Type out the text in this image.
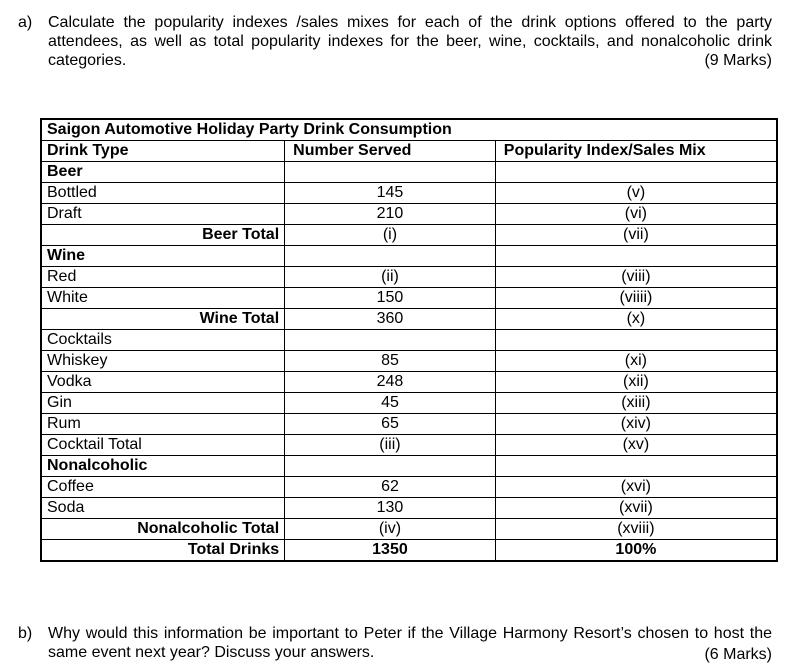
a) Calculate the popularity indexes /sales mixes for each of the drink options offered to the party attendees, as well as total popularity indexes for the beer, wine, cocktails, and nonalcoholic drink categories.	(9 Marks)
Saigon Automotive Holiday Party Drink Consumption		
Drink Type	Number Served	Popularity Index/Sales Mix
Beer		
Bottled	145	(v)
Draft	210	(vi)
Beer Total	(i)	(vii)
Wine		
Red	(ii)	(viii)
White	150	(viiii)
Wine Total	360	(x)
Cocktails		
Whiskey	85	(xi)
Vodka	248	(xii)
Gin	45	(xiii)
Rum	65	(xiv)
Cocktail Total	(iii)	(xv)
Nonalcoholic		
Coffee	62	(xvi)
Soda	130	(xvii)
Nonalcoholic Total	(iv)	(xviii)
Total Drinks	1350	100%
b) Why would this information be important to Peter if the Village Harmony Resort’s chosen to host the same event next year? Discuss your answers.	(6 Marks)
